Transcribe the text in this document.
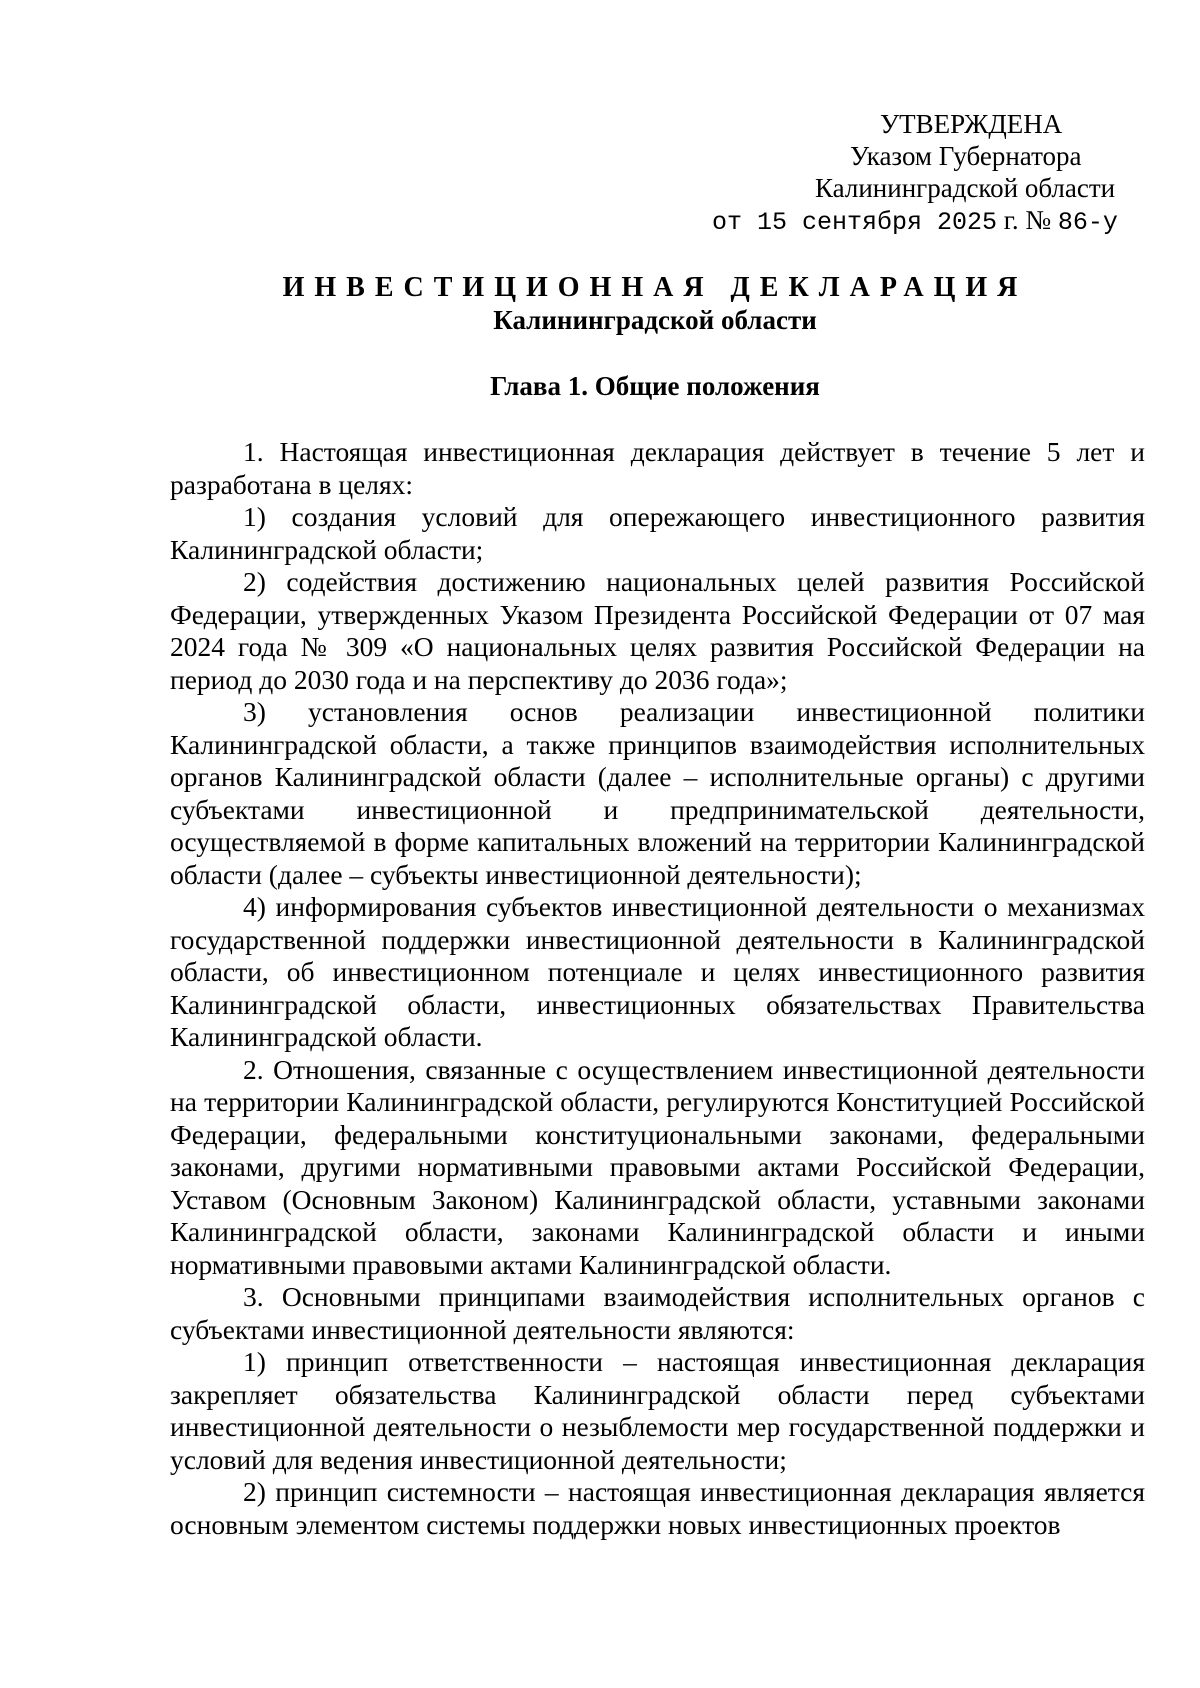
УТВЕРЖДЕНА
Указом Губернатора
Калининградской области
от 15 сентября 2025 г. № 86-у
ИНВЕСТИЦИОННАЯ ДЕКЛАРАЦИЯ
Калининградской области
Глава 1. Общие положения

1. Настоящая инвестиционная декларация действует в течение 5 лет и разработана в целях:

1) создания условий для опережающего инвестиционного развития Калининградской области;

2) содействия достижению национальных целей развития Российской Федерации, утвержденных Указом Президента Российской Федерации от 07 мая 2024 года № 309 «О национальных целях развития Российской Федерации на период до 2030 года и на перспективу до 2036 года»;

3) установления основ реализации инвестиционной политики Калининградской области, а также принципов взаимодействия исполнительных органов Калининградской области (далее – исполнительные органы) с другими субъектами инвестиционной и предпринимательской деятельности, осуществляемой в форме капитальных вложений на территории Калининградской области (далее – субъекты инвестиционной деятельности);

4) информирования субъектов инвестиционной деятельности о механизмах государственной поддержки инвестиционной деятельности в Калининградской области, об инвестиционном потенциале и целях инвестиционного развития Калининградской области, инвестиционных обязательствах Правительства Калининградской области.

2. Отношения, связанные с осуществлением инвестиционной деятельности на территории Калининградской области, регулируются Конституцией Российской Федерации, федеральными конституциональными законами, федеральными законами, другими нормативными правовыми актами Российской Федерации, Уставом (Основным Законом) Калининградской области, уставными законами Калининградской области, законами Калининградской области и иными нормативными правовыми актами Калининградской области.

3. Основными принципами взаимодействия исполнительных органов с субъектами инвестиционной деятельности являются:

1) принцип ответственности – настоящая инвестиционная декларация закрепляет обязательства Калининградской области перед субъектами инвестиционной деятельности о незыблемости мер государственной поддержки и условий для ведения инвестиционной деятельности;

2) принцип системности – настоящая инвестиционная декларация является основным элементом системы поддержки новых инвестиционных проектов
